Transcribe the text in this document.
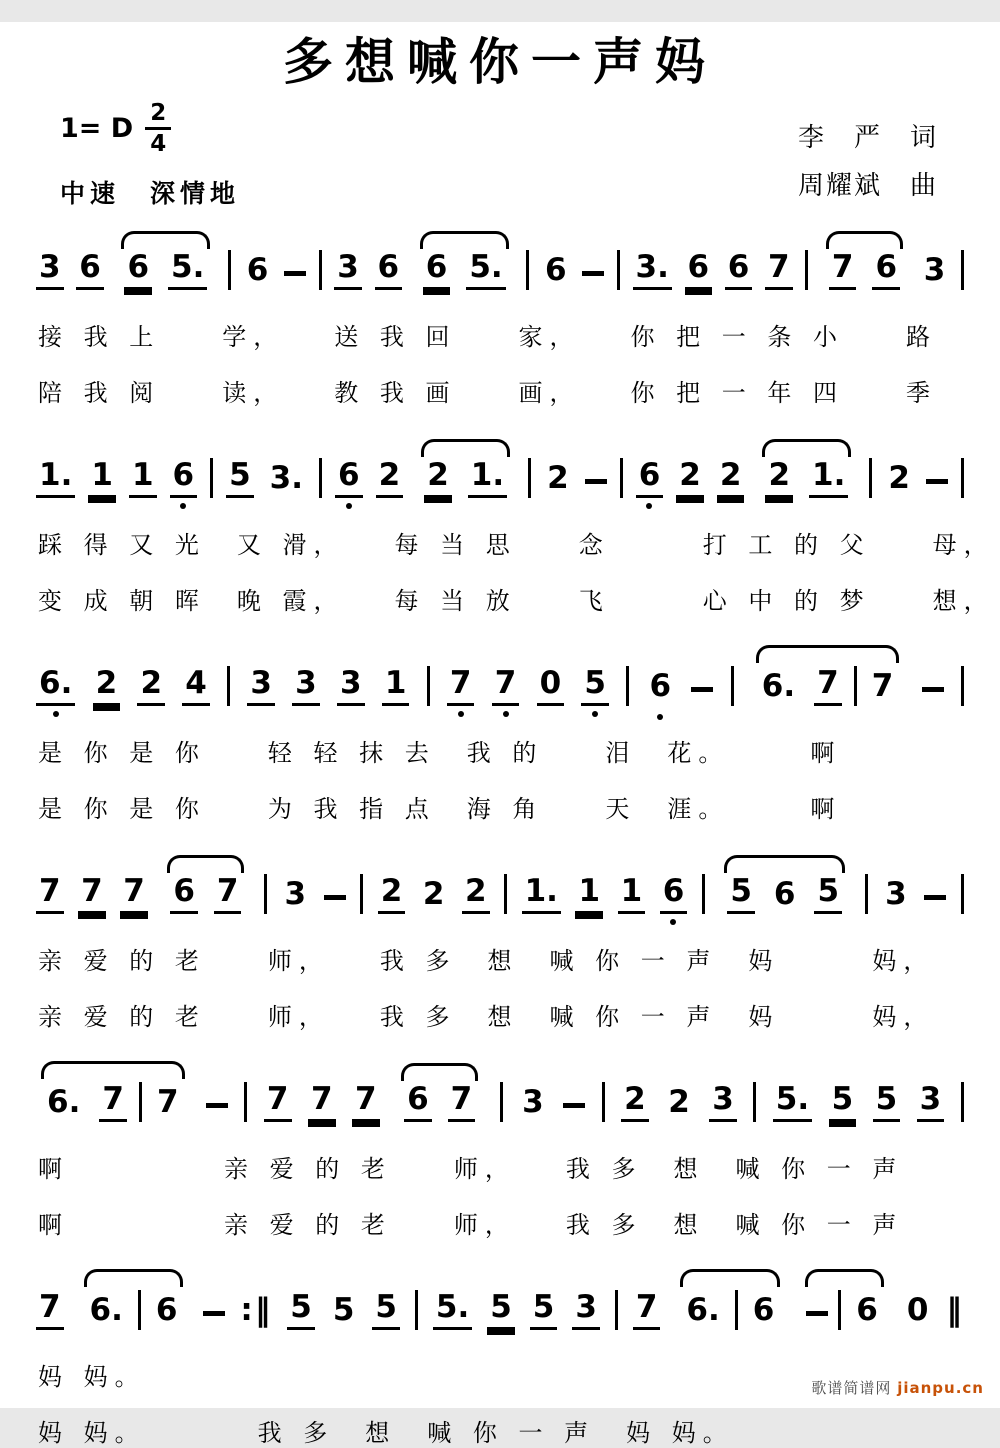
多想喊你一声妈
1= D $\frac{2}{4}$
中速　深情地
李　严　词
周耀斌　曲
3 6 6 5. 6 3 6 6 5. 6 3. 6 6 7 7 6 3
接 我 上　　学，　　送 我 回　　家，　　你 把 一 条 小　　路
陪 我 阅　　读，　　教 我 画　　画，　　你 把 一 年 四　　季
1. 1 1 6 5 3. 6 2 2 1. 2 6 2 2 2 1. 2
踩 得 又 光　又 滑，　　每 当 思　　念　　　打 工 的 父　　母，
变 成 朝 晖　晚 霞，　　每 当 放　　飞　　　心 中 的 梦　　想，
6. 2 2 4 3 3 3 1 7 7 0 5 6	6. 7 7
是 你 是 你　　轻 轻 抹 去　我 的　　泪　花。　　　啊
是 你 是 你　　为 我 指 点　海 角　　天　涯。　　　啊
7 7 7 6 7 3 2 2 2 1. 1 1 6 5 6 5 3
亲 爱 的 老　　师，　　我 多　想　喊 你 一 声　妈　　　妈，
亲 爱 的 老　　师，　　我 多　想　喊 你 一 声　妈　　　妈，
6. 7 7	7 7 7 6 7 3	2 2 3 5. 5 5 3
啊　　　　　亲 爱 的 老　　师，　　我 多　想　喊 你 一 声
啊　　　　　亲 爱 的 老　　师，　　我 多　想　喊 你 一 声
7 6. 6 :‖ 5 5 5 5. 5 5 3 7 6. 6	6 0 ‖
妈 妈。
妈 妈。　　　　我 多　想　喊 你 一 声　妈 妈。
歌谱简谱网 jianpu.cn
